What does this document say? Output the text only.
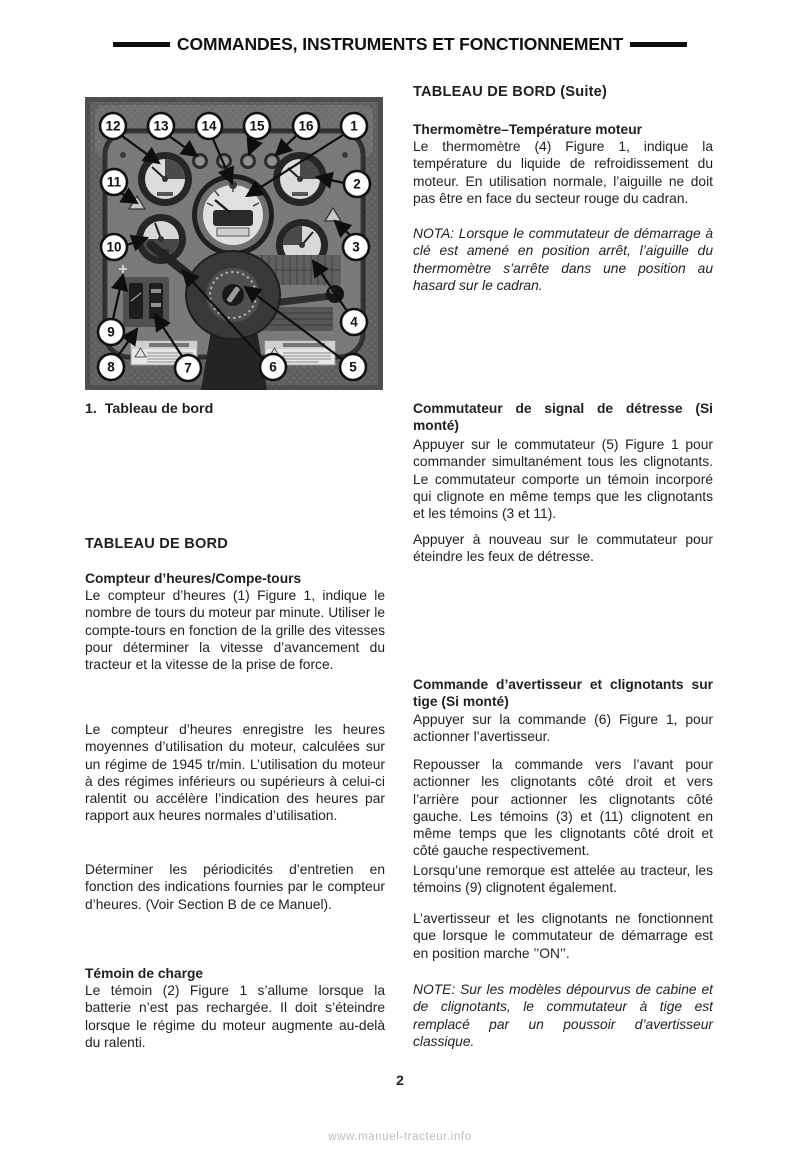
COMMANDES, INSTRUMENTS ET FONCTIONNEMENT
12 13 14 15	16	1
11	2
10	3
9
4
8	7	6	5
1.  Tableau de bord
TABLEAU DE BORD
Compteur d’heures/Compe-tours
Le compteur d’heures (1) Figure 1, indique le nombre de tours du moteur par minute. Utiliser le compte-tours en fonction de la grille des vitesses pour déterminer la vitesse d’avancement du tracteur et la vitesse de la prise de force.
Le compteur d’heures enregistre les heures moyennes d’utilisation du moteur, calculées sur un régime de 1945 tr/min. L’utilisation du moteur à des régimes inférieurs ou supérieurs à celui-ci ralentit ou accélère l’indication des heures par rapport aux heures normales d’utilisation.
Déterminer les périodicités d’entretien en fonction des indications fournies par le compteur d’heures. (Voir Section B de ce Manuel).
Témoin de charge
Le témoin (2) Figure 1 s’allume lorsque la batterie n’est pas rechargée. Il doit s’éteindre lorsque le régime du moteur augmente au-delà du ralenti.
TABLEAU DE BORD (Suite)
Thermomètre–Température moteur
Le thermomètre (4) Figure 1, indique la température du liquide de refroidissement du moteur. En utilisation normale, l’aiguille ne doit pas être en face du secteur rouge du cadran.
NOTA: Lorsque le commutateur de démarrage à clé est amené en position arrêt, l’aiguille du thermomètre s’arrête dans une position au hasard sur le cadran.
Commutateur de signal de détresse (Si monté)
Appuyer sur le commutateur (5) Figure 1 pour commander simultanément tous les clignotants. Le commutateur comporte un témoin incorporé qui clignote en même temps que les clignotants et les témoins (3 et 11).
Appuyer à nouveau sur le commutateur pour éteindre les feux de détresse.
Commande d’avertisseur et clignotants sur tige (Si monté)
Appuyer sur la commande (6) Figure 1, pour actionner l’avertisseur.
Repousser la commande vers l’avant pour actionner les clignotants côté droit et vers l’arrière pour actionner les clignotants côté gauche. Les témoins (3) et (11) clignotent en même temps que les clignotants côté droit et côté gauche respectivement.
Lorsqu’une remorque est attelée au tracteur, les témoins (9) clignotent également.
L’avertisseur et les clignotants ne fonctionnent que lorsque le commutateur de démarrage est en position marche ’’ON’’.
NOTE: Sur les modèles dépourvus de cabine et de clignotants, le commutateur à tige est remplacé par un poussoir d’avertisseur classique.
2
www.manuel-tracteur.info
